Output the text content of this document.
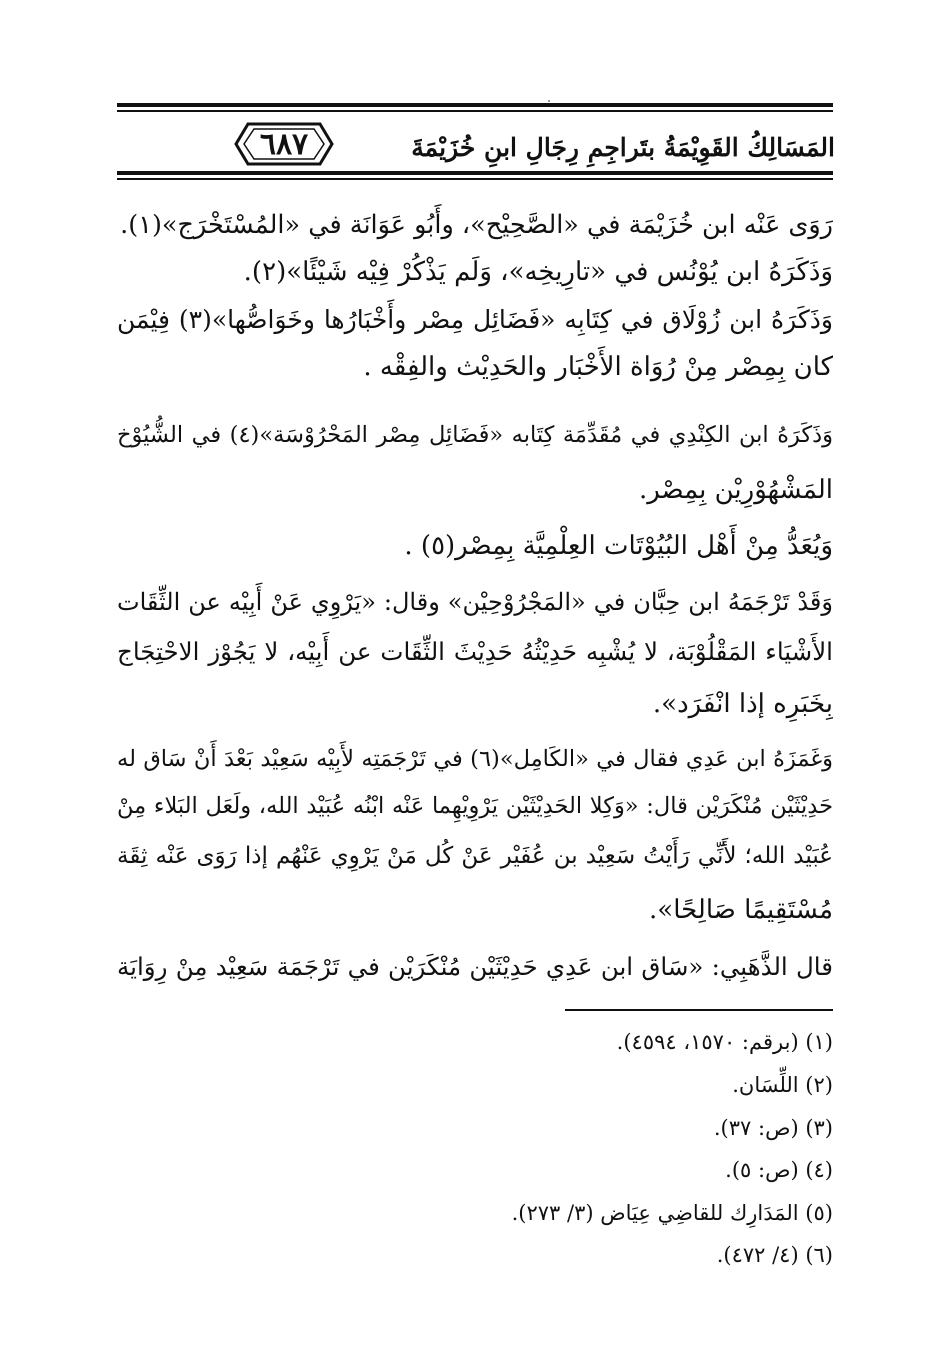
٦٨٧	المَسَالِكُ القَوِيْمَةُ بتَراجِمِ رِجَالِ ابنِ خُزَيْمَةَ
رَوَى عَنْه ابن خُزَيْمَة في «الصَّحِيْح»، وأَبُو عَوَانَة في «المُسْتَخْرَج»(١).
وَذَكَرَهُ ابن يُوْنُس في «تارِيخِه»، وَلَم يَذْكُرْ فِيْه شَيْئًا»(٢).
وَذَكَرَهُ ابن زُوْلَاق في كِتَابِه «فَضَائِل مِصْر وأَخْبَارُها وخَوَاصُّها»(٣) فِيْمَن
كان بِمِصْر مِنْ رُوَاة الأَخْبَار والحَدِيْث والفِقْه .
وَذَكَرَهُ ابن الكِنْدِي في مُقَدِّمَة كِتَابه «فَضَائِل مِصْر المَحْرُوْسَة»(٤) في الشُّيُوْخ
المَشْهُوْرِيْن بِمِصْر.
وَيُعَدُّ مِنْ أَهْل البُيُوْتَات العِلْمِيَّة بِمِصْر(٥) .
وَقَدْ تَرْجَمَهُ ابن حِبَّان في «المَجْرُوْحِيْن» وقال: «يَرْوِي عَنْ أَبِيْه عن الثِّقَات
الأَشْيَاء المَقْلُوْبَة، لا يُشْبِه حَدِيْثُهُ حَدِيْثَ الثِّقَات عن أَبِيْه، لا يَجُوْز الاحْتِجَاج
بِخَبَرِه إذا انْفَرَد».
وَغَمَزَهُ ابن عَدِي فقال في «الكَامِل»(٦) في تَرْجَمَتِه لأَبِيْه سَعِيْد بَعْدَ أَنْ سَاق له
حَدِيْثَيْن مُنْكَرَيْن قال: «وَكِلا الحَدِيْثَيْن يَرْوِيْهِما عَنْه ابْنُه عُبَيْد الله، ولَعَل البَلاء مِنْ
عُبَيْد الله؛ لأَنِّي رَأَيْتُ سَعِيْد بن عُفَيْر عَنْ كُل مَنْ يَرْوِي عَنْهُم إذا رَوَى عَنْه ثِقَة
مُسْتَقِيمًا صَالِحًا».
قال الذَّهَبِي: «سَاق ابن عَدِي حَدِيْثَيْن مُنْكَرَيْن في تَرْجَمَة سَعِيْد مِنْ رِوَايَة
(١) (برقم: ١٥٧٠، ٤٥٩٤).
(٢) اللِّسَان.
(٣) (ص: ٣٧).
(٤) (ص: ٥).
(٥) المَدَارِك للقاضِي عِيَاض (٣/ ٢٧٣).
(٦) (٤/ ٤٧٢).
